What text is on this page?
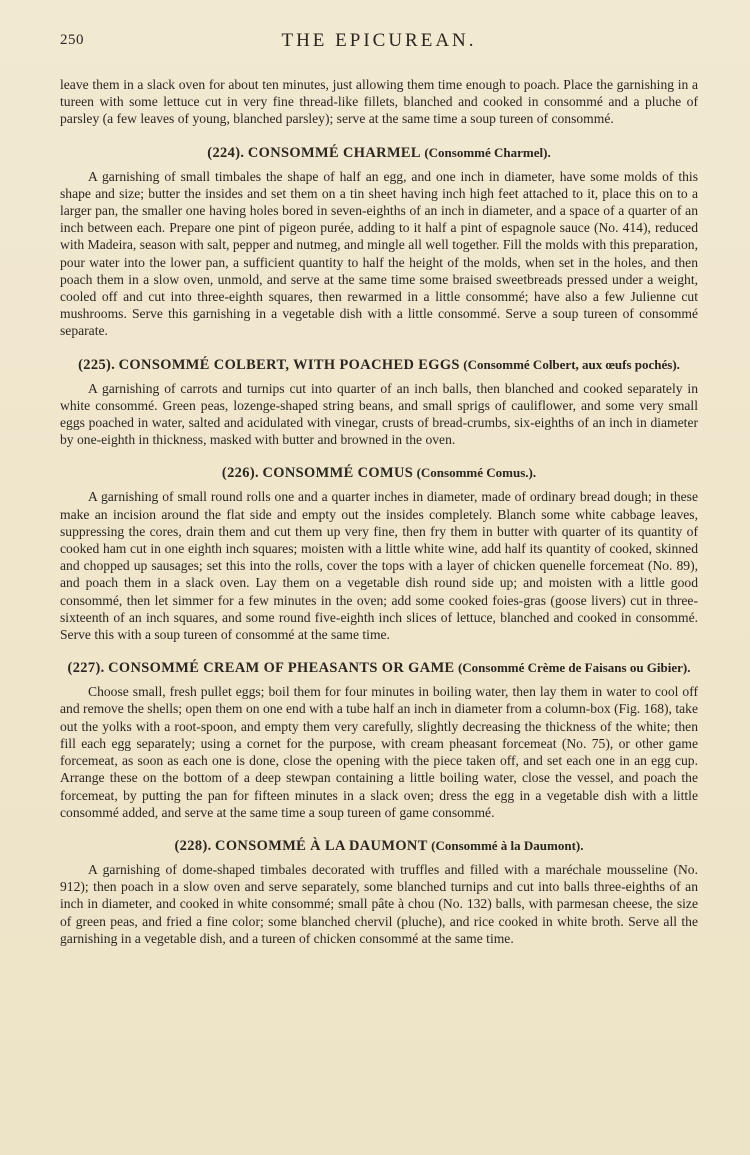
250	THE EPICUREAN.

leave them in a slack oven for about ten minutes, just allowing them time enough to poach. Place the garnishing in a tureen with some lettuce cut in very fine thread-like fillets, blanched and cooked in consommé and a pluche of parsley (a few leaves of young, blanched parsley); serve at the same time a soup tureen of consommé.

(224). CONSOMMÉ CHARMEL (Consommé Charmel).

A garnishing of small timbales the shape of half an egg, and one inch in diameter, have some molds of this shape and size; butter the insides and set them on a tin sheet having inch high feet attached to it, place this on to a larger pan, the smaller one having holes bored in seven-eighths of an inch in diameter, and a space of a quarter of an inch between each. Prepare one pint of pigeon purée, adding to it half a pint of espagnole sauce (No. 414), reduced with Madeira, season with salt, pepper and nutmeg, and mingle all well together. Fill the molds with this preparation, pour water into the lower pan, a sufficient quantity to half the height of the molds, when set in the holes, and then poach them in a slow oven, unmold, and serve at the same time some braised sweetbreads pressed under a weight, cooled off and cut into three-eighth squares, then rewarmed in a little consommé; have also a few Julienne cut mushrooms. Serve this garnishing in a vegetable dish with a little consommé. Serve a soup tureen of consommé separate.

(225). CONSOMMÉ COLBERT, WITH POACHED EGGS (Consommé Colbert, aux œufs pochés).

A garnishing of carrots and turnips cut into quarter of an inch balls, then blanched and cooked separately in white consommé. Green peas, lozenge-shaped string beans, and small sprigs of cauliflower, and some very small eggs poached in water, salted and acidulated with vinegar, crusts of bread-crumbs, six-eighths of an inch in diameter by one-eighth in thickness, masked with butter and browned in the oven.

(226). CONSOMMÉ COMUS (Consommé Comus.).

A garnishing of small round rolls one and a quarter inches in diameter, made of ordinary bread dough; in these make an incision around the flat side and empty out the insides completely. Blanch some white cabbage leaves, suppressing the cores, drain them and cut them up very fine, then fry them in butter with quarter of its quantity of cooked ham cut in one eighth inch squares; moisten with a little white wine, add half its quantity of cooked, skinned and chopped up sausages; set this into the rolls, cover the tops with a layer of chicken quenelle forcemeat (No. 89), and poach them in a slack oven. Lay them on a vegetable dish round side up; and moisten with a little good consommé, then let simmer for a few minutes in the oven; add some cooked foies-gras (goose livers) cut in three-sixteenth of an inch squares, and some round five-eighth inch slices of lettuce, blanched and cooked in consommé. Serve this with a soup tureen of consommé at the same time.

(227). CONSOMMÉ CREAM OF PHEASANTS OR GAME (Consommé Crème de Faisans ou Gibier).

Choose small, fresh pullet eggs; boil them for four minutes in boiling water, then lay them in water to cool off and remove the shells; open them on one end with a tube half an inch in diameter from a column-box (Fig. 168), take out the yolks with a root-spoon, and empty them very carefully, slightly decreasing the thickness of the white; then fill each egg separately; using a cornet for the purpose, with cream pheasant forcemeat (No. 75), or other game forcemeat, as soon as each one is done, close the opening with the piece taken off, and set each one in an egg cup. Arrange these on the bottom of a deep stewpan containing a little boiling water, close the vessel, and poach the forcemeat, by putting the pan for fifteen minutes in a slack oven; dress the egg in a vegetable dish with a little consommé added, and serve at the same time a soup tureen of game consommé.

(228). CONSOMMÉ À LA DAUMONT (Consommé à la Daumont).

A garnishing of dome-shaped timbales decorated with truffles and filled with a maréchale mousseline (No. 912); then poach in a slow oven and serve separately, some blanched turnips and cut into balls three-eighths of an inch in diameter, and cooked in white consommé; small pâte à chou (No. 132) balls, with parmesan cheese, the size of green peas, and fried a fine color; some blanched chervil (pluche), and rice cooked in white broth. Serve all the garnishing in a vegetable dish, and a tureen of chicken consommé at the same time.
